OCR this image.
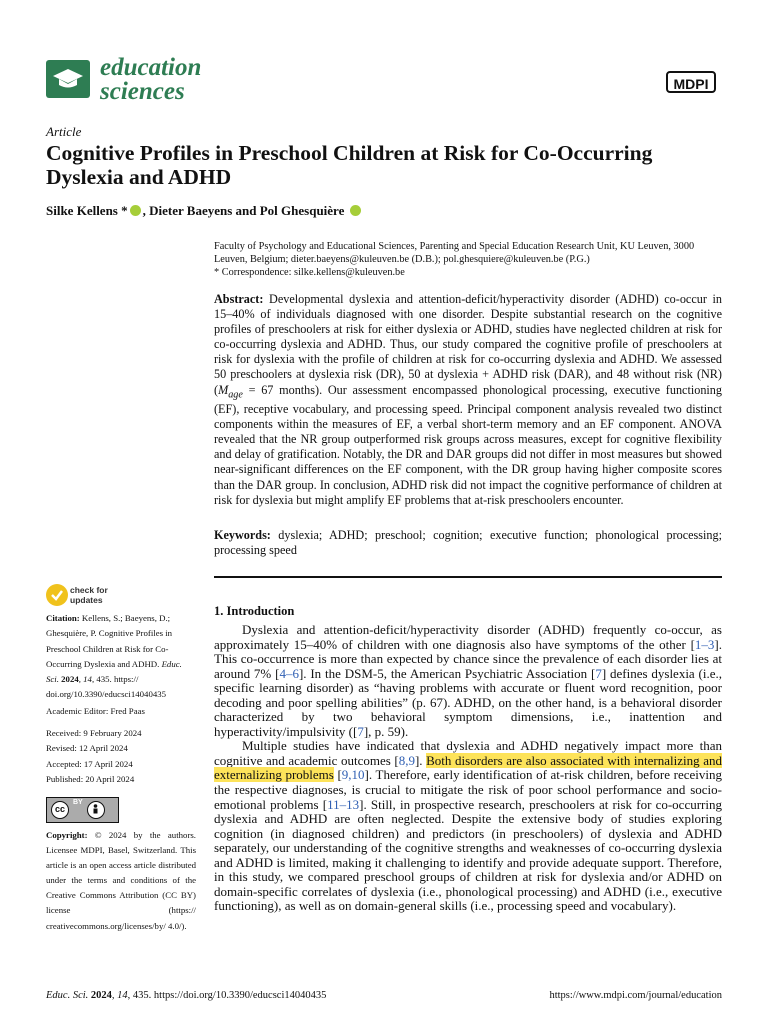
education
sciences	MDPI
Article
Cognitive Profiles in Preschool Children at Risk for Co-Occurring Dyslexia and ADHD
Silke Kellens * , Dieter Baeyens and Pol Ghesquière
Faculty of Psychology and Educational Sciences, Parenting and Special Education Research Unit, KU Leuven, 3000 Leuven, Belgium; dieter.baeyens@kuleuven.be (D.B.); pol.ghesquiere@kuleuven.be (P.G.)
* Correspondence: silke.kellens@kuleuven.be
Abstract: Developmental dyslexia and attention-deficit/hyperactivity disorder (ADHD) co-occur in 15–40% of individuals diagnosed with one disorder. Despite substantial research on the cognitive profiles of preschoolers at risk for either dyslexia or ADHD, studies have neglected children at risk for co-occurring dyslexia and ADHD. Thus, our study compared the cognitive profile of preschoolers at risk for dyslexia with the profile of children at risk for co-occurring dyslexia and ADHD. We assessed 50 preschoolers at dyslexia risk (DR), 50 at dyslexia + ADHD risk (DAR), and 48 without risk (NR) ($M_{age} = 67$ months). Our assessment encompassed phonological processing, executive functioning (EF), receptive vocabulary, and processing speed. Principal component analysis revealed two distinct components within the measures of EF, a verbal short-term memory and an EF component. ANOVA revealed that the NR group outperformed risk groups across measures, except for cognitive flexibility and delay of gratification. Notably, the DR and DAR groups did not differ in most measures but showed near-significant differences on the EF component, with the DR group having higher composite scores than the DAR group. In conclusion, ADHD risk did not impact the cognitive performance of children at risk for dyslexia but might amplify EF problems that at-risk preschoolers encounter.
Keywords: dyslexia; ADHD; preschool; cognition; executive function; phonological processing; processing speed
check for
updates
Citation: Kellens, S.; Baeyens, D.; Ghesquière, P. Cognitive Profiles in Preschool Children at Risk for Co-Occurring Dyslexia and ADHD. Educ. Sci. 2024, 14, 435. https:// doi.org/10.3390/educsci14040435
Academic Editor: Fred Paas
Received: 9 February 2024
Revised: 12 April 2024
Accepted: 17 April 2024
Published: 20 April 2024
cc
BY
Copyright: © 2024 by the authors. Licensee MDPI, Basel, Switzerland. This article is an open access article distributed under the terms and conditions of the Creative Commons Attribution (CC BY) license (https:// creativecommons.org/licenses/by/ 4.0/).
1. Introduction

Dyslexia and attention-deficit/hyperactivity disorder (ADHD) frequently co-occur, as approximately 15–40% of children with one diagnosis also have symptoms of the other [1–3]. This co-occurrence is more than expected by chance since the prevalence of each disorder lies at around 7% [4–6]. In the DSM-5, the American Psychiatric Association [7] defines dyslexia (i.e., specific learning disorder) as “having problems with accurate or fluent word recognition, poor decoding and poor spelling abilities” (p. 67). ADHD, on the other hand, is a behavioral disorder characterized by two behavioral symptom dimensions, i.e., inattention and hyperactivity/impulsivity ([7], p. 59).

Multiple studies have indicated that dyslexia and ADHD negatively impact more than cognitive and academic outcomes [8,9]. Both disorders are also associated with internalizing and externalizing problems [9,10]. Therefore, early identification of at-risk children, before receiving the respective diagnoses, is crucial to mitigate the risk of poor school performance and socio-emotional problems [11–13]. Still, in prospective research, preschoolers at risk for co-occurring dyslexia and ADHD are often neglected. Despite the extensive body of studies exploring cognition (in diagnosed children) and predictors (in preschoolers) of dyslexia and ADHD separately, our understanding of the cognitive strengths and weaknesses of co-occurring dyslexia and ADHD is limited, making it challenging to identify and provide adequate support. Therefore, in this study, we compared preschool groups of children at risk for dyslexia and/or ADHD on domain-specific correlates of dyslexia (i.e., phonological processing) and ADHD (i.e., executive functioning), as well as on domain-general skills (i.e., processing speed and vocabulary).

Educ. Sci. 2024, 14, 435. https://doi.org/10.3390/educsci14040435	https://www.mdpi.com/journal/education
